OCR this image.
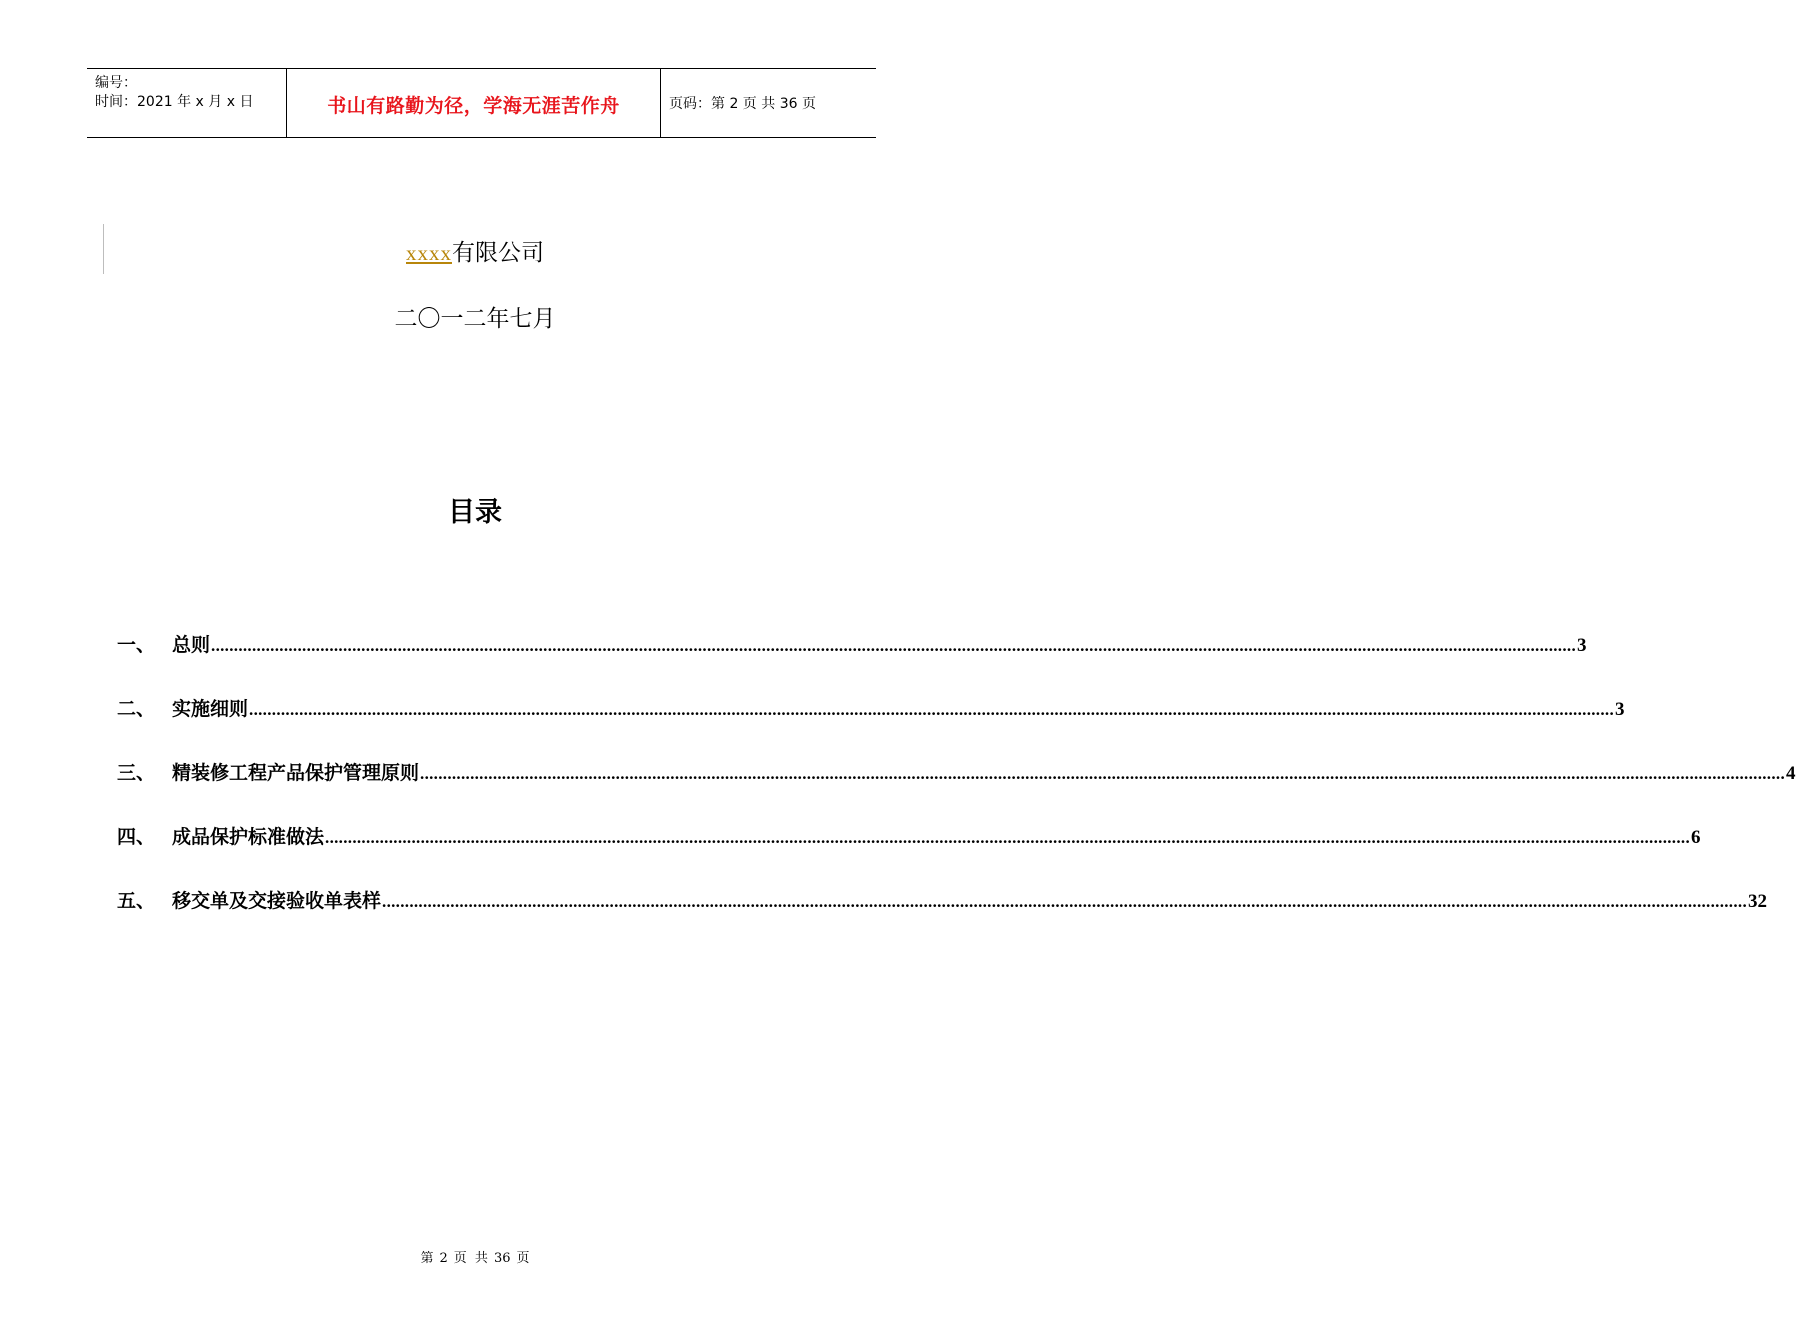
编号：
时间：2021 年 x 月 x 日	书山有路勤为径，学海无涯苦作舟	页码：第 2 页 共 36 页
xxxx有限公司
二〇一二年七月
目录
一、 总则 ............................................................................................................................................................................................................................................................................................................ 3
二、 实施细则 ............................................................................................................................................................................................................................................................................................................ 3
三、 精装修工程产品保护管理原则 ............................................................................................................................................................................................................................................................................................................ 4
四、 成品保护标准做法 ............................................................................................................................................................................................................................................................................................................ 6
五、 移交单及交接验收单表样 ............................................................................................................................................................................................................................................................................................................ 32
第 2 页 共 36 页
